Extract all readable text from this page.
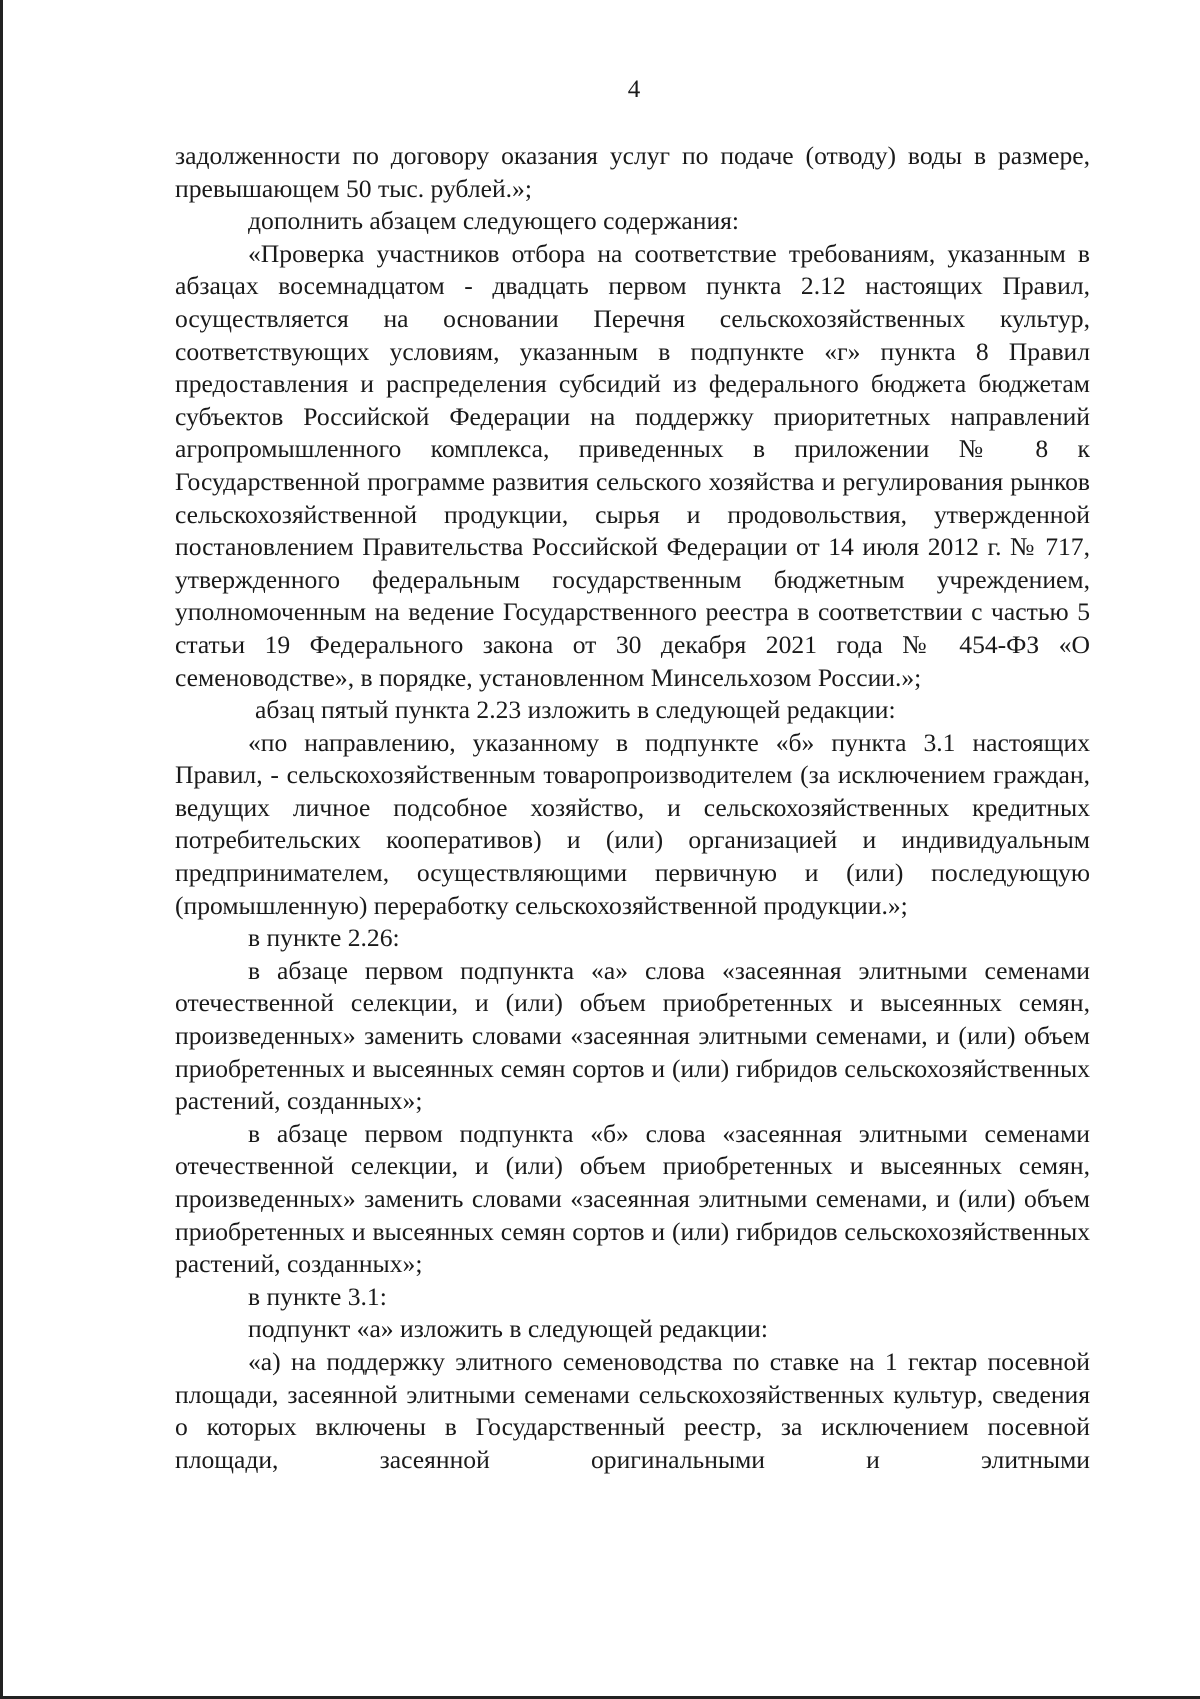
4

задолженности по договору оказания услуг по подаче (отводу) воды в размере, превышающем 50 тыс. рублей.»;

дополнить абзацем следующего содержания:

«Проверка участников отбора на соответствие требованиям, указанным в абзацах восемнадцатом - двадцать первом пункта 2.12 настоящих Правил, осуществляется на основании Перечня сельскохозяйственных культур, соответствующих условиям, указанным в подпункте «г» пункта 8 Правил предоставления и распределения субсидий из федерального бюджета бюджетам субъектов Российской Федерации на поддержку приоритетных направлений агропромышленного комплекса, приведенных в приложении № 8 к Государственной программе развития сельского хозяйства и регулирования рынков сельскохозяйственной продукции, сырья и продовольствия, утвержденной постановлением Правительства Российской Федерации от 14 июля 2012 г. № 717, утвержденного федеральным государственным бюджетным учреждением, уполномоченным на ведение Государственного реестра в соответствии с частью 5 статьи 19 Федерального закона от 30 декабря 2021 года № 454-ФЗ «О семеноводстве», в порядке, установленном Минсельхозом России.»;

абзац пятый пункта 2.23 изложить в следующей редакции:

«по направлению, указанному в подпункте «б» пункта 3.1 настоящих Правил, - сельскохозяйственным товаропроизводителем (за исключением граждан, ведущих личное подсобное хозяйство, и сельскохозяйственных кредитных потребительских кооперативов) и (или) организацией и индивидуальным предпринимателем, осуществляющими первичную и (или) последующую (промышленную) переработку сельскохозяйственной продукции.»;

в пункте 2.26:

в абзаце первом подпункта «а» слова «засеянная элитными семенами отечественной селекции, и (или) объем приобретенных и высеянных семян, произведенных» заменить словами «засеянная элитными семенами, и (или) объем приобретенных и высеянных семян сортов и (или) гибридов сельскохозяйственных растений, созданных»;

в абзаце первом подпункта «б» слова «засеянная элитными семенами отечественной селекции, и (или) объем приобретенных и высеянных семян, произведенных» заменить словами «засеянная элитными семенами, и (или) объем приобретенных и высеянных семян сортов и (или) гибридов сельскохозяйственных растений, созданных»;

в пункте 3.1:

подпункт «а» изложить в следующей редакции:

«а) на поддержку элитного семеноводства по ставке на 1 гектар посевной площади, засеянной элитными семенами сельскохозяйственных культур, сведения о которых включены в Государственный реестр, за исключением посевной площади, засеянной оригинальными и элитными
